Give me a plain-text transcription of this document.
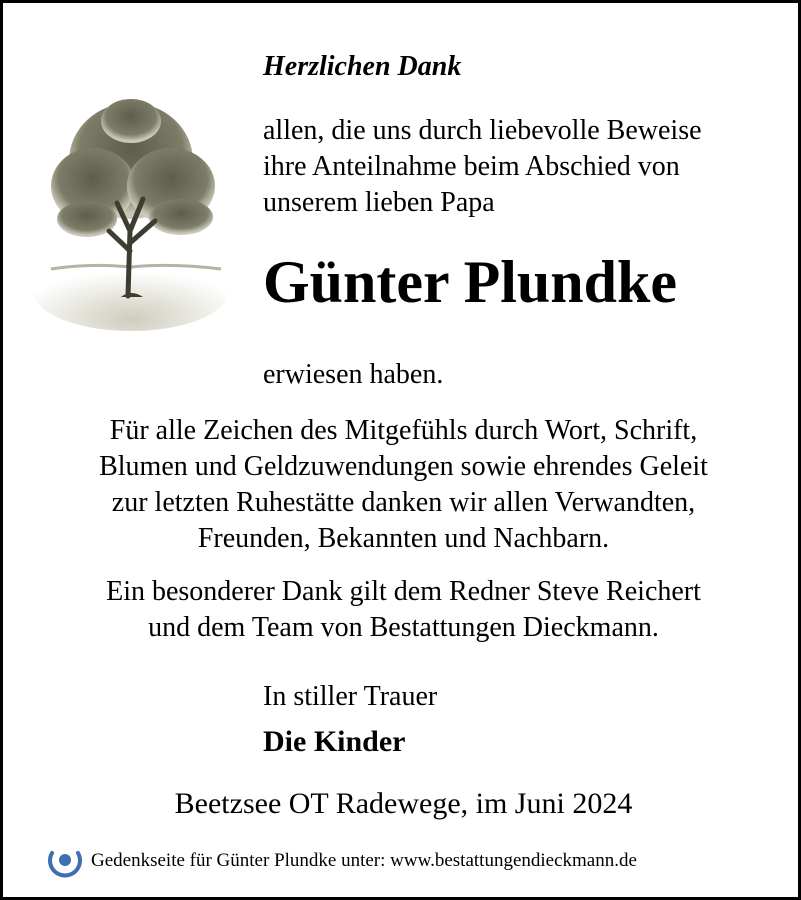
Herzlichen Dank
allen, die uns durch liebevolle Beweise
ihre Anteilnahme beim Abschied von
unserem lieben Papa
Günter Plundke
erwiesen haben.
Für alle Zeichen des Mitgefühls durch Wort, Schrift,
Blumen und Geldzuwendungen sowie ehrendes Geleit
zur letzten Ruhestätte danken wir allen Verwandten,
Freunden, Bekannten und Nachbarn.
Ein besonderer Dank gilt dem Redner Steve Reichert
und dem Team von Bestattungen Dieckmann.
In stiller Trauer
Die Kinder
Beetzsee OT Radewege, im Juni 2024
Gedenkseite für Günter Plundke unter: www.bestattungendieckmann.de
